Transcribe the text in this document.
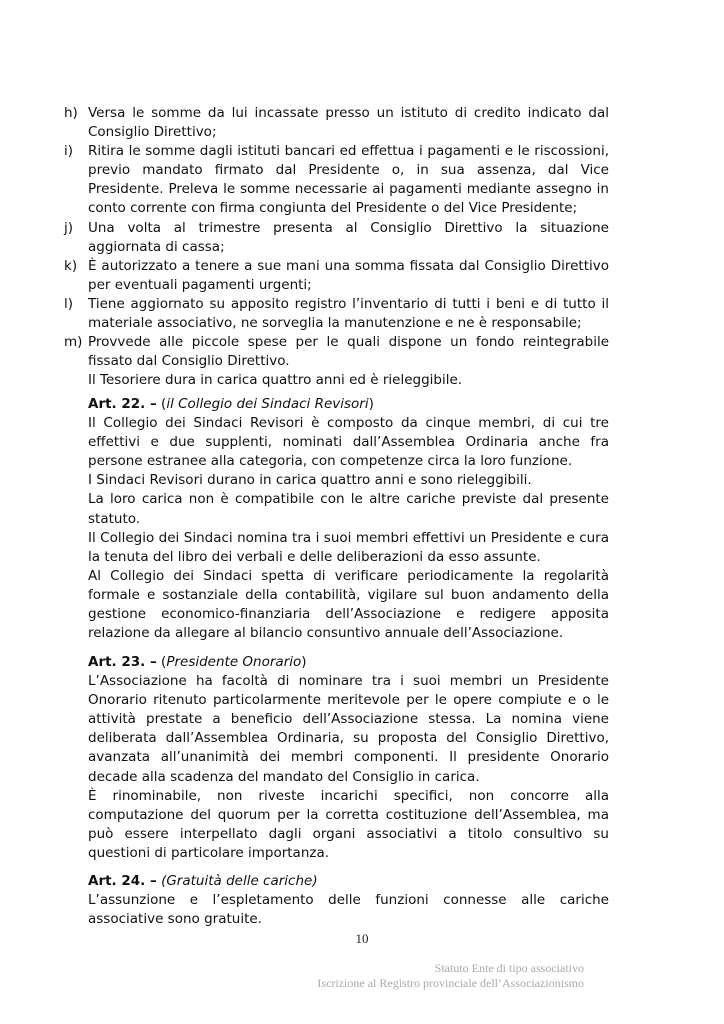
h) Versa le somme da lui incassate presso un istituto di credito indicato dal Consiglio Direttivo;
i)	Ritira le somme dagli istituti bancari ed effettua i pagamenti e le riscossioni, previo mandato firmato dal Presidente o, in sua assenza, dal Vice Presidente. Preleva le somme necessarie ai pagamenti mediante assegno in conto corrente con firma congiunta del Presidente o del Vice Presidente;
j)	Una volta al trimestre presenta al Consiglio Direttivo la situazione aggiornata di cassa;
k) È autorizzato a tenere a sue mani una somma fissata dal Consiglio Direttivo per eventuali pagamenti urgenti;
l)	Tiene aggiornato su apposito registro l’inventario di tutti i beni e di tutto il materiale associativo, ne sorveglia la manutenzione e ne è responsabile;
m) Provvede alle piccole spese per le quali dispone un fondo reintegrabile fissato dal Consiglio Direttivo.
Il Tesoriere dura in carica quattro anni ed è rieleggibile.

Art. 22. – (il Collegio dei Sindaci Revisori)

Il Collegio dei Sindaci Revisori è composto da cinque membri, di cui tre effettivi e due supplenti, nominati dall’Assemblea Ordinaria anche fra persone estranee alla categoria, con competenze circa la loro funzione.

I Sindaci Revisori durano in carica quattro anni e sono rieleggibili.

La loro carica non è compatibile con le altre cariche previste dal presente statuto.

Il Collegio dei Sindaci nomina tra i suoi membri effettivi un Presidente e cura la tenuta del libro dei verbali e delle deliberazioni da esso assunte.

Al Collegio dei Sindaci spetta di verificare periodicamente la regolarità formale e sostanziale della contabilità, vigilare sul buon andamento della gestione economico-finanziaria dell’Associazione e redigere apposita relazione da allegare al bilancio consuntivo annuale dell’Associazione.

Art. 23. – (Presidente Onorario)

L’Associazione ha facoltà di nominare tra i suoi membri un Presidente Onorario ritenuto particolarmente meritevole per le opere compiute e o le attività prestate a beneficio dell’Associazione stessa. La nomina viene deliberata dall’Assemblea Ordinaria, su proposta del Consiglio Direttivo, avanzata all’unanimità dei membri componenti. Il presidente Onorario decade alla scadenza del mandato del Consiglio in carica.

È rinominabile, non riveste incarichi specifici, non concorre alla computazione del quorum per la corretta costituzione dell’Assemblea, ma può essere interpellato dagli organi associativi a titolo consultivo su questioni di particolare importanza.

Art. 24. – (Gratuità delle cariche)

L’assunzione e l’espletamento delle funzioni connesse alle cariche associative sono gratuite.

10
Statuto Ente di tipo associativo
Iscrizione al Registro provinciale dell’Associazionismo
